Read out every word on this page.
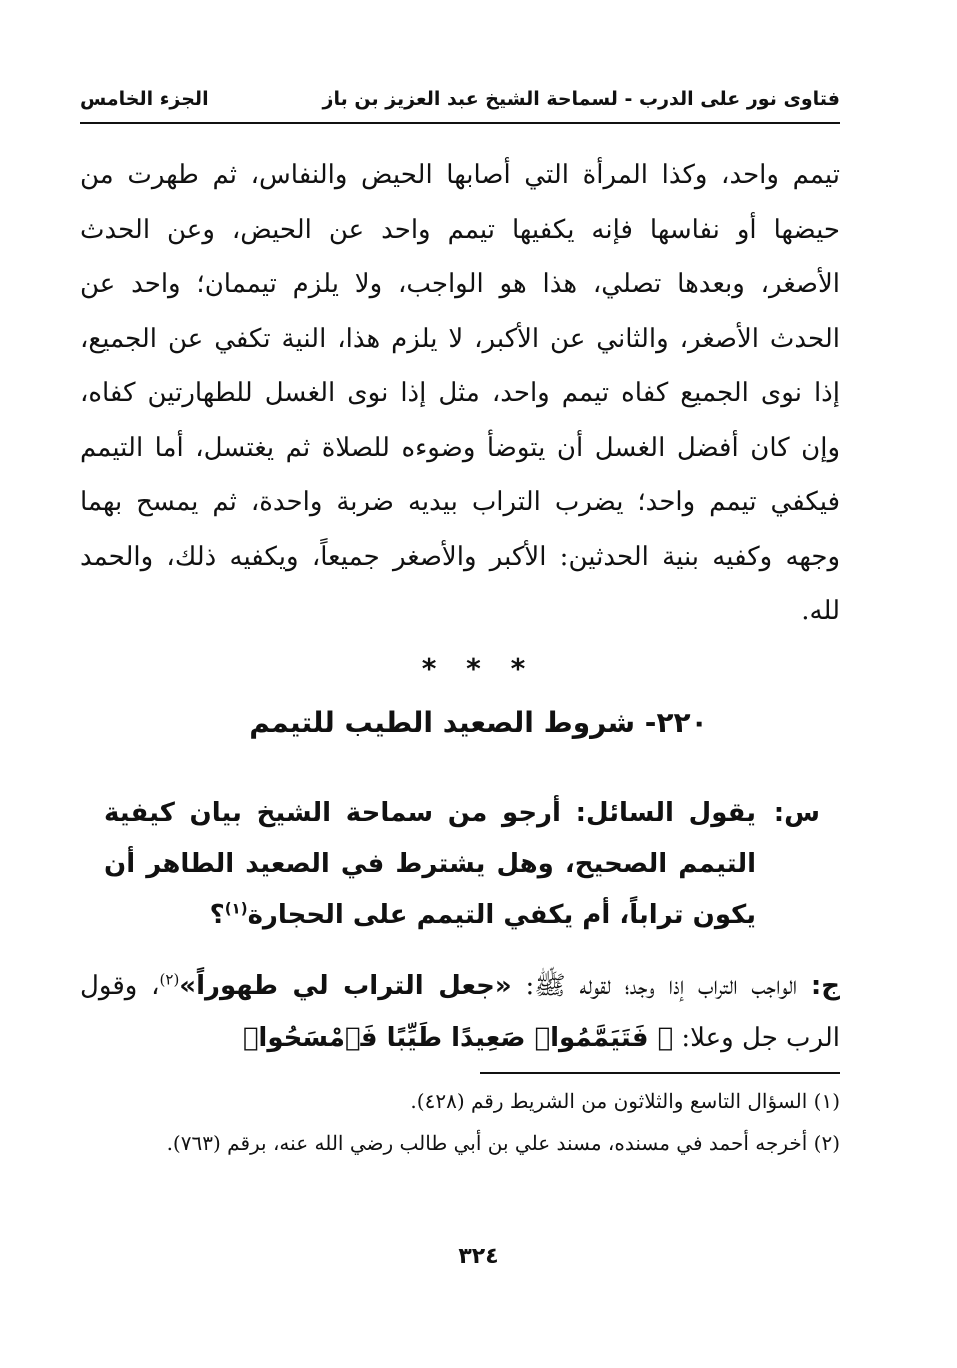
فتاوى نور على الدرب - لسماحة الشيخ عبد العزيز بن باز
الجزء الخامس

تيمم واحد، وكذا المرأة التي أصابها الحيض والنفاس، ثم طهرت من حيضها أو نفاسها فإنه يكفيها تيمم واحد عن الحيض، وعن الحدث الأصغر، وبعدها تصلي، هذا هو الواجب، ولا يلزم تيممان؛ واحد عن الحدث الأصغر، والثاني عن الأكبر، لا يلزم هذا، النية تكفي عن الجميع، إذا نوى الجميع كفاه تيمم واحد، مثل إذا نوى الغسل للطهارتين كفاه، وإن كان أفضل الغسل أن يتوضأ وضوءه للصلاة ثم يغتسل، أما التيمم فيكفي تيمم واحد؛ يضرب التراب بيديه ضربة واحدة، ثم يمسح بهما وجهه وكفيه بنية الحدثين: الأكبر والأصغر جميعاً، ويكفيه ذلك، والحمد لله.

* * *
٢٢٠- شروط الصعيد الطيب للتيمم
س:
يقول السائل: أرجو من سماحة الشيخ بيان كيفية التيمم الصحيح، وهل يشترط في الصعيد الطاهر أن يكون تراباً، أم يكفي التيمم على الحجارة$^{(١)}$؟
ج: الواجب التراب إذا وجد؛ لقوله ﷺ: «جعل التراب لي طهوراً»$^{(٢)}$، وقول الرب جل وعلا: ﴿ فَتَيَمَّمُوا۟ صَعِيدًا طَيِّبًا فَٱمْسَحُوا۟

(١) السؤال التاسع والثلاثون من الشريط رقم (٤٢٨).

(٢) أخرجه أحمد في مسنده، مسند علي بن أبي طالب رضي الله عنه، برقم (٧٦٣).

٣٢٤
